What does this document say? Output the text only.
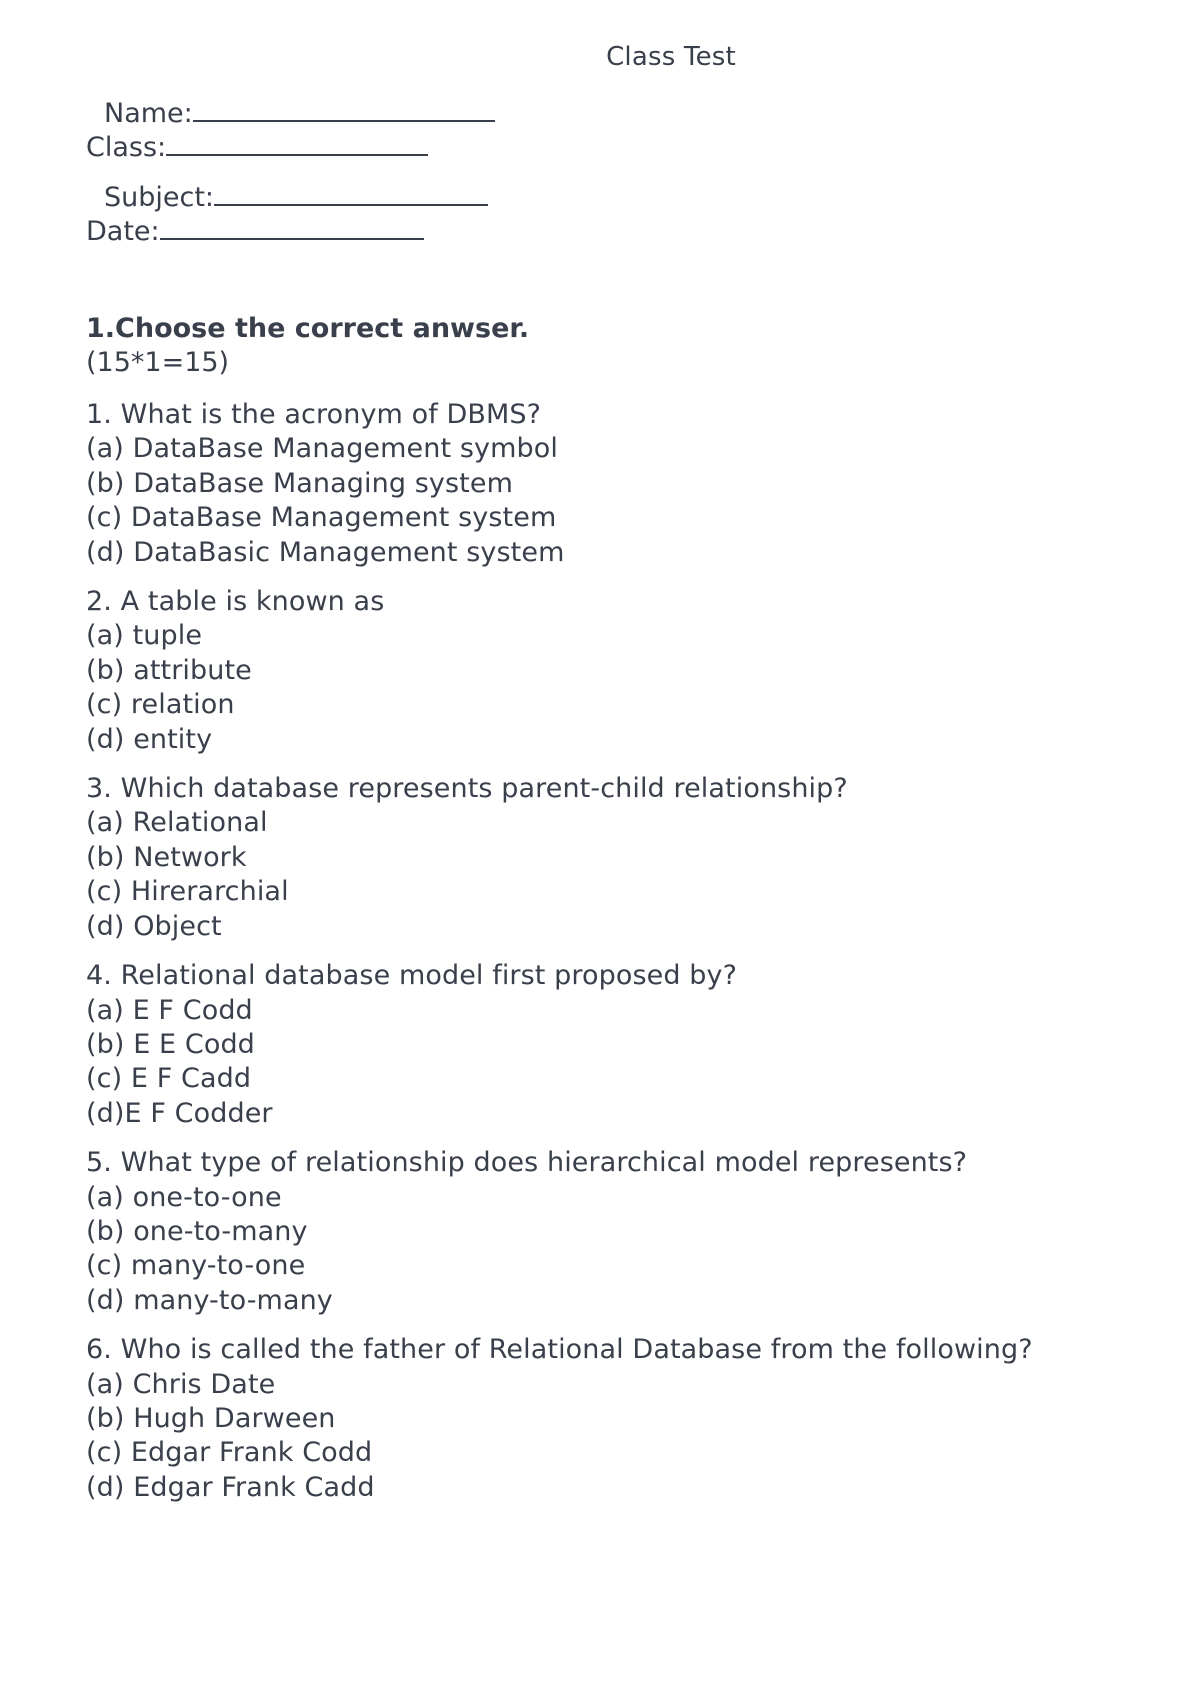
Class Test
Name:
Class:
Subject:
Date:
1.Choose the correct anwser.
(15*1=15)
1. What is the acronym of DBMS?
(a) DataBase Management symbol
(b) DataBase Managing system
(c) DataBase Management system
(d) DataBasic Management system
2. A table is known as
(a) tuple
(b) attribute
(c) relation
(d) entity
3. Which database represents parent-child relationship?
(a) Relational
(b) Network
(c) Hirerarchial
(d) Object
4. Relational database model first proposed by?
(a) E F Codd
(b) E E Codd
(c) E F Cadd
(d)E F Codder
5. What type of relationship does hierarchical model represents?
(a) one-to-one
(b) one-to-many
(c) many-to-one
(d) many-to-many
6. Who is called the father of Relational Database from the following?
(a) Chris Date
(b) Hugh Darween
(c) Edgar Frank Codd
(d) Edgar Frank Cadd
